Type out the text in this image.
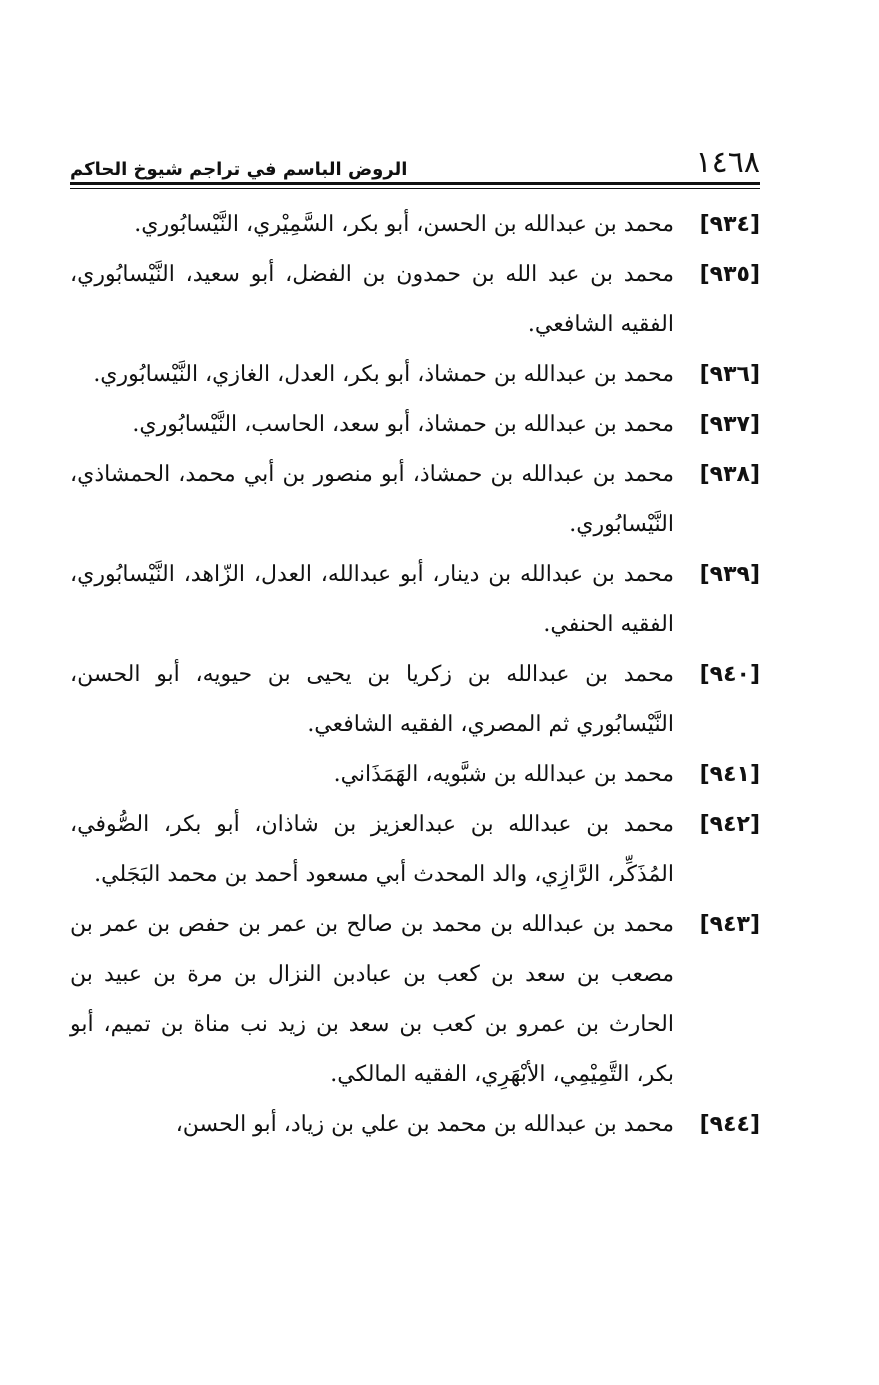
١٤٦٨
الروض الباسم في تراجم شيوخ الحاكم
[٩٣٤]
محمد بن عبدالله بن الحسن، أبو بكر، السَّمِيْري، النَّيْسابُوري.
[٩٣٥]
محمد بن عبد الله بن حمدون بن الفضل، أبو سعيد، النَّيْسابُوري، الفقيه الشافعي.
[٩٣٦]
محمد بن عبدالله بن حمشاذ، أبو بكر، العدل، الغازي، النَّيْسابُوري.
[٩٣٧]
محمد بن عبدالله بن حمشاذ، أبو سعد، الحاسب، النَّيْسابُوري.
[٩٣٨]
محمد بن عبدالله بن حمشاذ، أبو منصور بن أبي محمد، الحمشاذي، النَّيْسابُوري.
[٩٣٩]
محمد بن عبدالله بن دينار، أبو عبدالله، العدل، الزّاهد، النَّيْسابُوري، الفقيه الحنفي.
[٩٤٠]
محمد بن عبدالله بن زكريا بن يحيى بن حيويه، أبو الحسن، النَّيْسابُوري ثم المصري، الفقيه الشافعي.
[٩٤١]
محمد بن عبدالله بن شبَّويه، الهَمَذَاني.
[٩٤٢]
محمد بن عبدالله بن عبدالعزيز بن شاذان، أبو بكر، الصُّوفي، المُذَكِّر، الرَّازِي، والد المحدث أبي مسعود أحمد بن محمد البَجَلي.
[٩٤٣]
محمد بن عبدالله بن محمد بن صالح بن عمر بن حفص بن عمر بن مصعب بن سعد بن كعب بن عبادبن النزال بن مرة بن عبيد بن الحارث بن عمرو بن كعب بن سعد بن زيد نب مناة بن تميم، أبو بكر، التَّمِيْمِي، الأبْهَرِي، الفقيه المالكي.
[٩٤٤]
محمد بن عبدالله بن محمد بن علي بن زياد، أبو الحسن،
